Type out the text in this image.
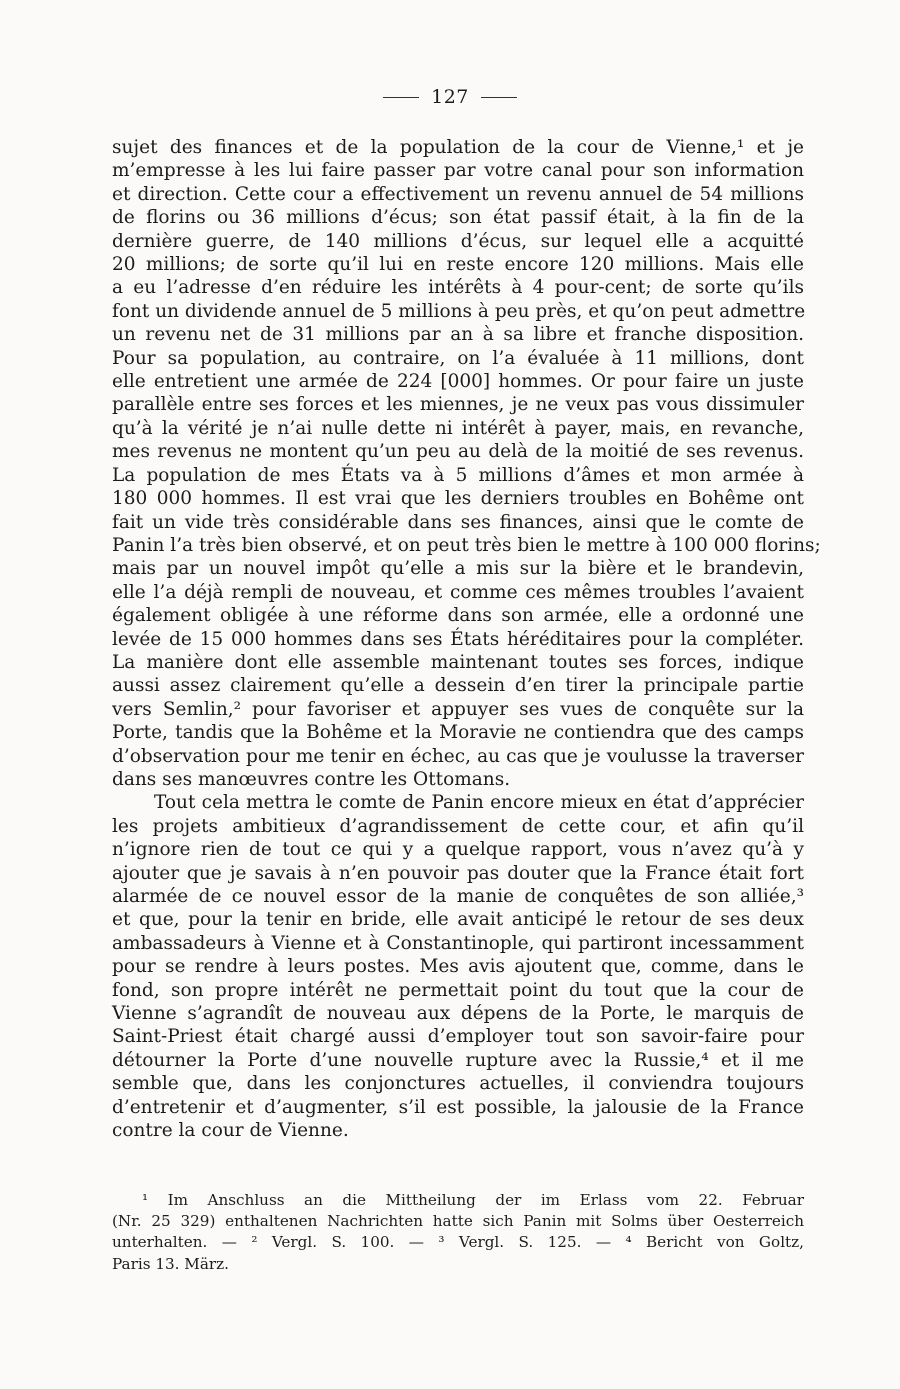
127
sujet des finances et de la population de la cour de Vienne,¹ et je
m’empresse à les lui faire passer par votre canal pour son information
et direction. Cette cour a effectivement un revenu annuel de 54 millions
de florins ou 36 millions d’écus; son état passif était, à la fin de la
dernière guerre, de 140 millions d’écus, sur lequel elle a acquitté
20 millions; de sorte qu’il lui en reste encore 120 millions. Mais elle
a eu l’adresse d’en réduire les intérêts à 4 pour-cent; de sorte qu’ils
font un dividende annuel de 5 millions à peu près, et qu’on peut admettre
un revenu net de 31 millions par an à sa libre et franche disposition.
Pour sa population, au contraire, on l’a évaluée à 11 millions, dont
elle entretient une armée de 224 [000] hommes. Or pour faire un juste
parallèle entre ses forces et les miennes, je ne veux pas vous dissimuler
qu’à la vérité je n’ai nulle dette ni intérêt à payer, mais, en revanche,
mes revenus ne montent qu’un peu au delà de la moitié de ses revenus.
La population de mes États va à 5 millions d’âmes et mon armée à
180 000 hommes. Il est vrai que les derniers troubles en Bohême ont
fait un vide très considérable dans ses finances, ainsi que le comte de
Panin l’a très bien observé, et on peut très bien le mettre à 100 000 florins;
mais par un nouvel impôt qu’elle a mis sur la bière et le brandevin,
elle l’a déjà rempli de nouveau, et comme ces mêmes troubles l’avaient
également obligée à une réforme dans son armée, elle a ordonné une
levée de 15 000 hommes dans ses États héréditaires pour la compléter.
La manière dont elle assemble maintenant toutes ses forces, indique
aussi assez clairement qu’elle a dessein d’en tirer la principale partie
vers Semlin,² pour favoriser et appuyer ses vues de conquête sur la
Porte, tandis que la Bohême et la Moravie ne contiendra que des camps
d’observation pour me tenir en échec, au cas que je voulusse la traverser
dans ses manœuvres contre les Ottomans.
Tout cela mettra le comte de Panin encore mieux en état d’apprécier
les projets ambitieux d’agrandissement de cette cour, et afin qu’il
n’ignore rien de tout ce qui y a quelque rapport, vous n’avez qu’à y
ajouter que je savais à n’en pouvoir pas douter que la France était fort
alarmée de ce nouvel essor de la manie de conquêtes de son alliée,³
et que, pour la tenir en bride, elle avait anticipé le retour de ses deux
ambassadeurs à Vienne et à Constantinople, qui partiront incessamment
pour se rendre à leurs postes. Mes avis ajoutent que, comme, dans le
fond, son propre intérêt ne permettait point du tout que la cour de
Vienne s’agrandît de nouveau aux dépens de la Porte, le marquis de
Saint-Priest était chargé aussi d’employer tout son savoir-faire pour
détourner la Porte d’une nouvelle rupture avec la Russie,⁴ et il me
semble que, dans les conjonctures actuelles, il conviendra toujours
d’entretenir et d’augmenter, s’il est possible, la jalousie de la France
contre la cour de Vienne.
¹ Im Anschluss an die Mittheilung der im Erlass vom 22. Februar
(Nr. 25 329) enthaltenen Nachrichten hatte sich Panin mit Solms über Oesterreich
unterhalten. — ² Vergl. S. 100. — ³ Vergl. S. 125. — ⁴ Bericht von Goltz,
Paris 13. März.
